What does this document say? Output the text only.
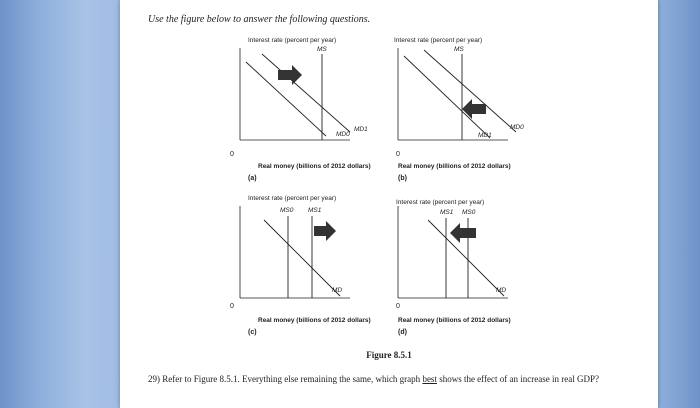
Use the figure below to answer the following questions.
Interest rate (percent per year)
MS
MD0
MD1
0
Real money (billions of 2012 dollars)
(a)
Interest rate (percent per year)
MS
MD1
MD0
0
Real money (billions of 2012 dollars)
(b)
Interest rate (percent per year)
MS0 MS1
MD
0
Real money (billions of 2012 dollars)
(c)
Interest rate (percent per year)
MS1 MS0
MD
0
Real money (billions of 2012 dollars)
(d)
Figure 8.5.1
29) Refer to Figure 8.5.1. Everything else remaining the same, which graph best shows the effect of an increase in real GDP?
